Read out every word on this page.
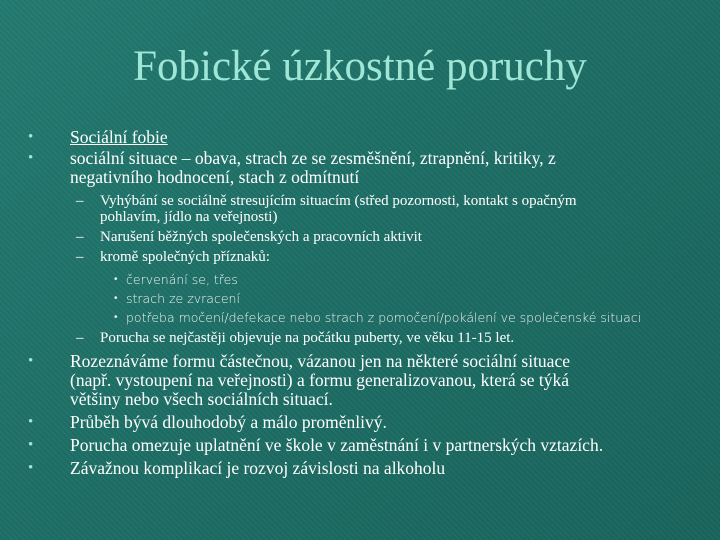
Fobické úzkostné poruchy
• Sociální fobie
• sociální situace – obava, strach ze se zesměšnění, ztrapnění, kritiky, z
negativního hodnocení, stach z odmítnutí
– Vyhýbání se sociálně stresujícím situacím (střed pozornosti, kontakt s opačným
pohlavím, jídlo na veřejnosti)
– Narušení běžných společenských a pracovních aktivit
– kromě společných příznaků:
• červenání se, třes
• strach ze zvracení
• potřeba močení/defekace nebo strach z pomočení/pokálení ve společenské situaci
– Porucha se nejčastěji objevuje na počátku puberty, ve věku 11-15 let.
• Rozeznáváme formu částečnou, vázanou jen na některé sociální situace
(např. vystoupení na veřejnosti) a formu generalizovanou, která se týká
většiny nebo všech sociálních situací.
• Průběh bývá dlouhodobý a málo proměnlivý.
• Porucha omezuje uplatnění ve škole v zaměstnání i v partnerských vztazích.
• Závažnou komplikací je rozvoj závislosti na alkoholu
